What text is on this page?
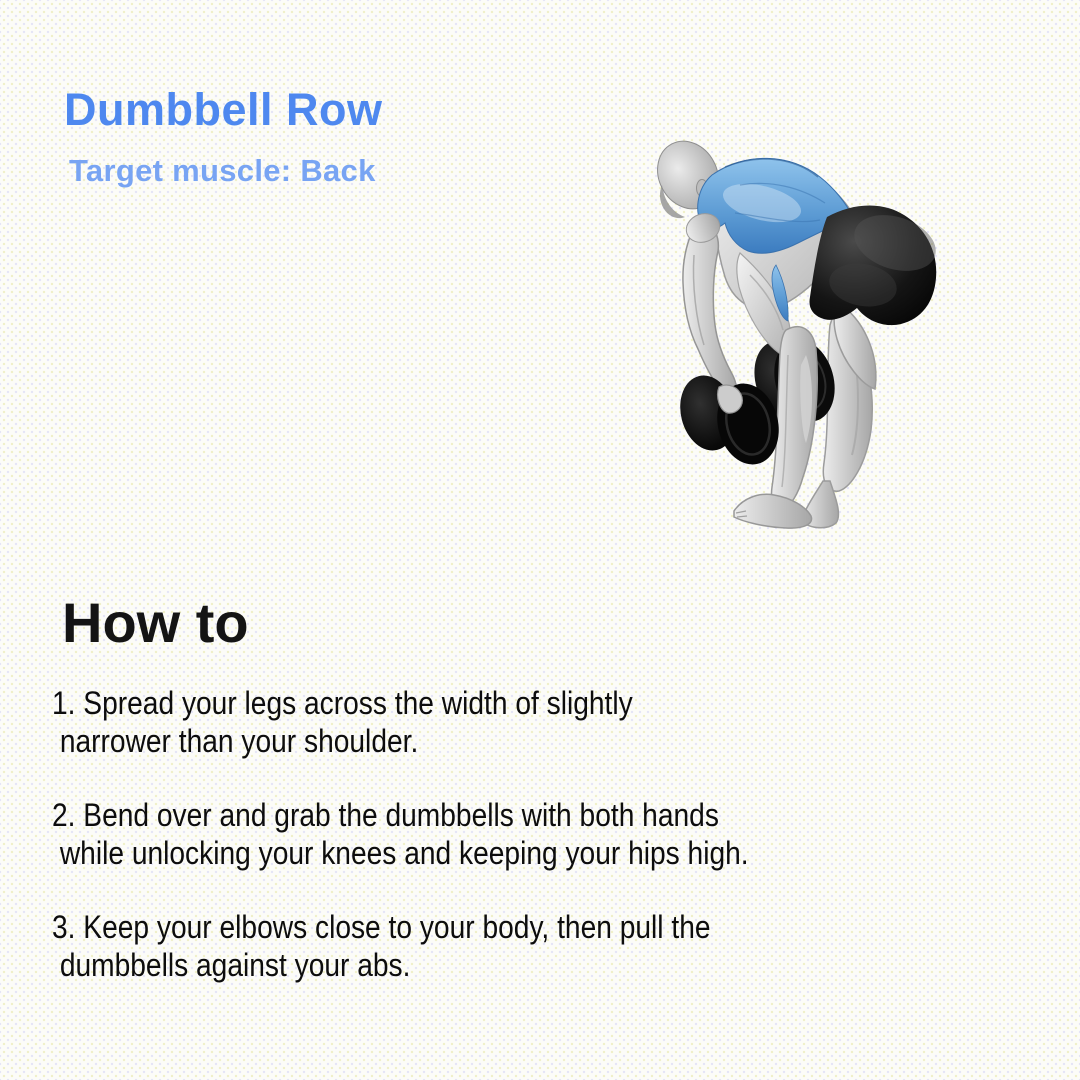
Dumbbell Row
Target muscle: Back
How to

1. Spread your legs across the width of slightly
narrower than your shoulder.

2. Bend over and grab the dumbbells with both hands
while unlocking your knees and keeping your hips high.

3. Keep your elbows close to your body, then pull the
dumbbells against your abs.
